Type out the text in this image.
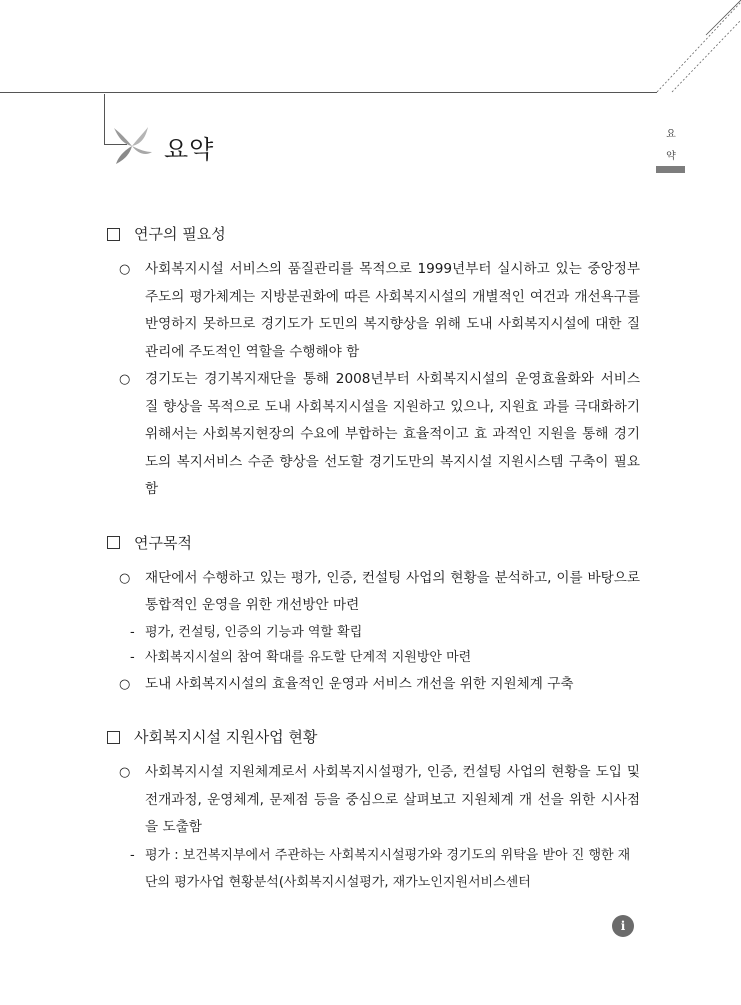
요약
요
약
연구의 필요성
○ 사회복지시설 서비스의 품질관리를 목적으로 1999년부터 실시하고 있는 중앙정부 주도의 평가체계는 지방분권화에 따른 사회복지시설의 개별적인 여건과 개선욕구를 반영하지 못하므로 경기도가 도민의 복지향상을 위해 도내 사회복지시설에 대한 질 관리에 주도적인 역할을 수행해야 함
○ 경기도는 경기복지재단을 통해 2008년부터 사회복지시설의 운영효율화와 서비스 질 향상을 목적으로 도내 사회복지시설을 지원하고 있으나, 지원효 과를 극대화하기 위해서는 사회복지현장의 수요에 부합하는 효율적이고 효 과적인 지원을 통해 경기도의 복지서비스 수준 향상을 선도할 경기도만의 복지시설 지원시스템 구축이 필요함
연구목적
○ 재단에서 수행하고 있는 평가, 인증, 컨설팅 사업의 현황을 분석하고, 이를 바탕으로 통합적인 운영을 위한 개선방안 마련
- 평가, 컨설팅, 인증의 기능과 역할 확립
- 사회복지시설의 참여 확대를 유도할 단계적 지원방안 마련
○ 도내 사회복지시설의 효율적인 운영과 서비스 개선을 위한 지원체계 구축
사회복지시설 지원사업 현황
○ 사회복지시설 지원체계로서 사회복지시설평가, 인증, 컨설팅 사업의 현황을 도입 및 전개과정, 운영체계, 문제점 등을 중심으로 살펴보고 지원체계 개 선을 위한 시사점을 도출함
- 평가 : 보건복지부에서 주관하는 사회복지시설평가와 경기도의 위탁을 받아 진 행한 재단의 평가사업 현황분석(사회복지시설평가, 재가노인지원서비스센터
i
